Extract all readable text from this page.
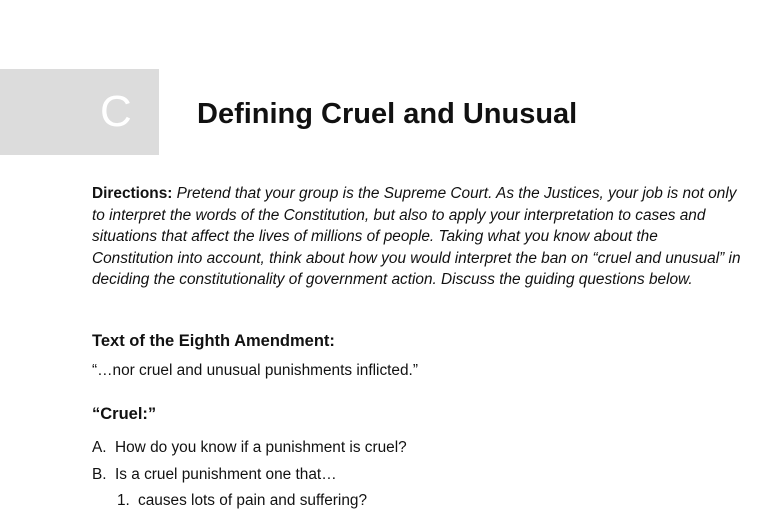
C Defining Cruel and Unusual

Directions: Pretend that your group is the Supreme Court. As the Justices, your job is not only to interpret the words of the Constitution, but also to apply your interpretation to cases and situations that affect the lives of millions of people. Taking what you know about the Constitution into account, think about how you would interpret the ban on “cruel and unusual” in deciding the constitutionality of government action. Discuss the guiding questions below.

Text of the Eighth Amendment:

“…nor cruel and unusual punishments inflicted.”

“Cruel:”

A. How do you know if a punishment is cruel?

B. Is a cruel punishment one that…

1. causes lots of pain and suffering?
